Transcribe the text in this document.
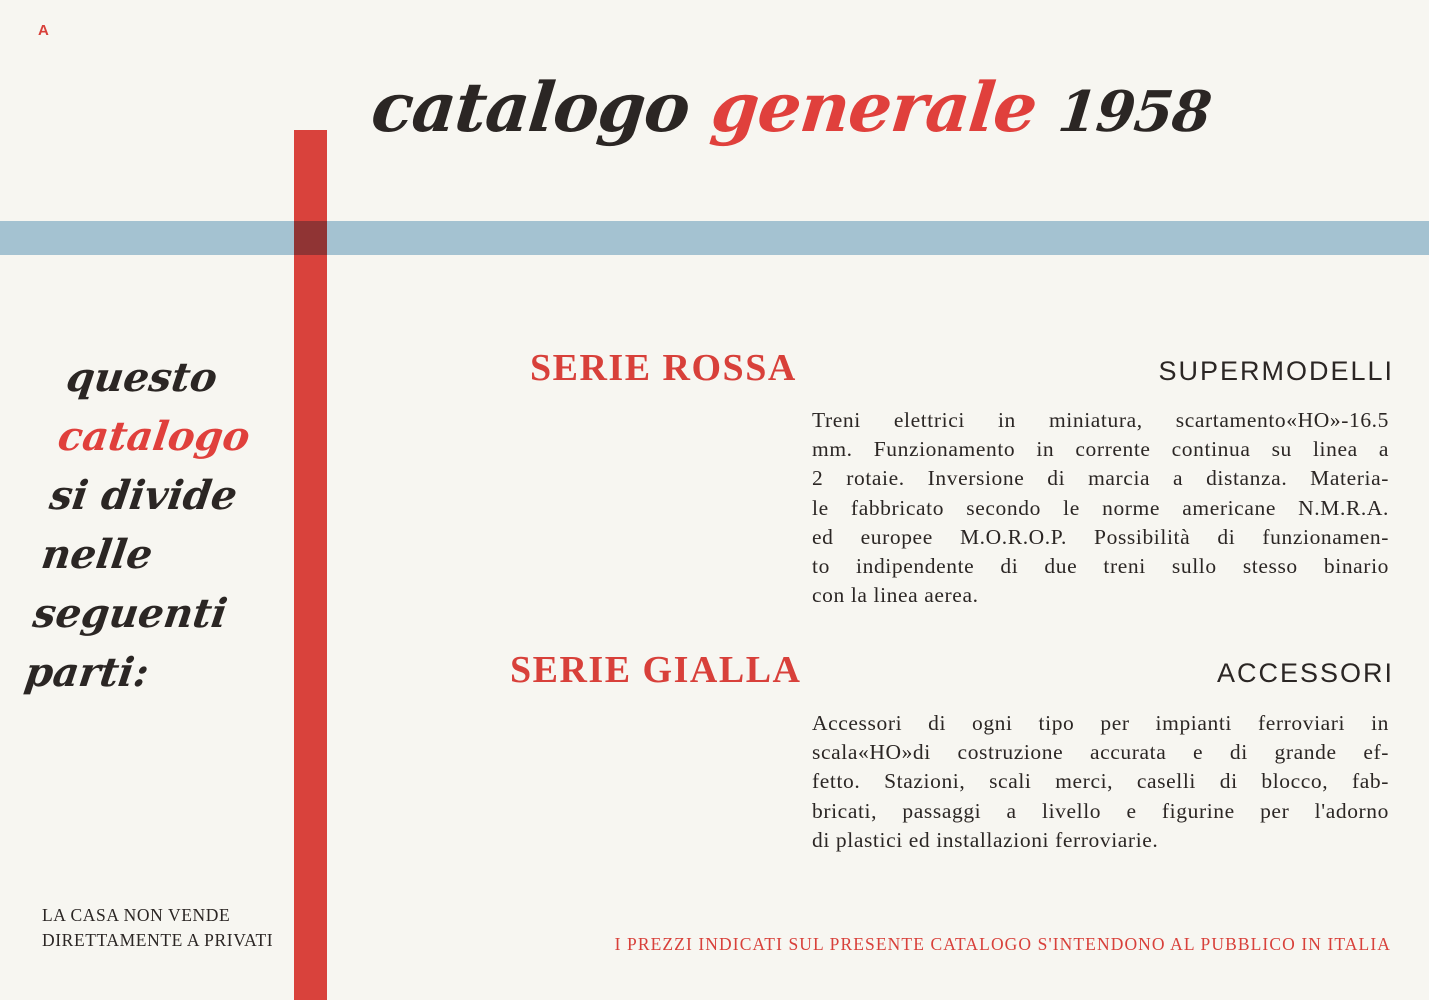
A
catalogo generale 1958
questo
catalogo
si divide
nelle
seguenti
parti:
SERIE ROSSA	SUPERMODELLI
Treni elettrici in miniatura, scartamento«HO»-16.5
mm. Funzionamento in corrente continua su linea a
2 rotaie. Inversione di marcia a distanza. Materia-
le fabbricato secondo le norme americane N.M.R.A.
ed europee M.O.R.O.P. Possibilità di funzionamen-
to indipendente di due treni sullo stesso binario
con la linea aerea.
SERIE GIALLA	ACCESSORI
Accessori di ogni tipo per impianti ferroviari in
scala«HO»di costruzione accurata e di grande ef-
fetto. Stazioni, scali merci, caselli di blocco, fab-
bricati, passaggi a livello e figurine per l'adorno
di plastici ed installazioni ferroviarie.
LA CASA NON VENDE
DIRETTAMENTE A PRIVATI	I PREZZI INDICATI SUL PRESENTE CATALOGO S'INTENDONO AL PUBBLICO IN ITALIA
